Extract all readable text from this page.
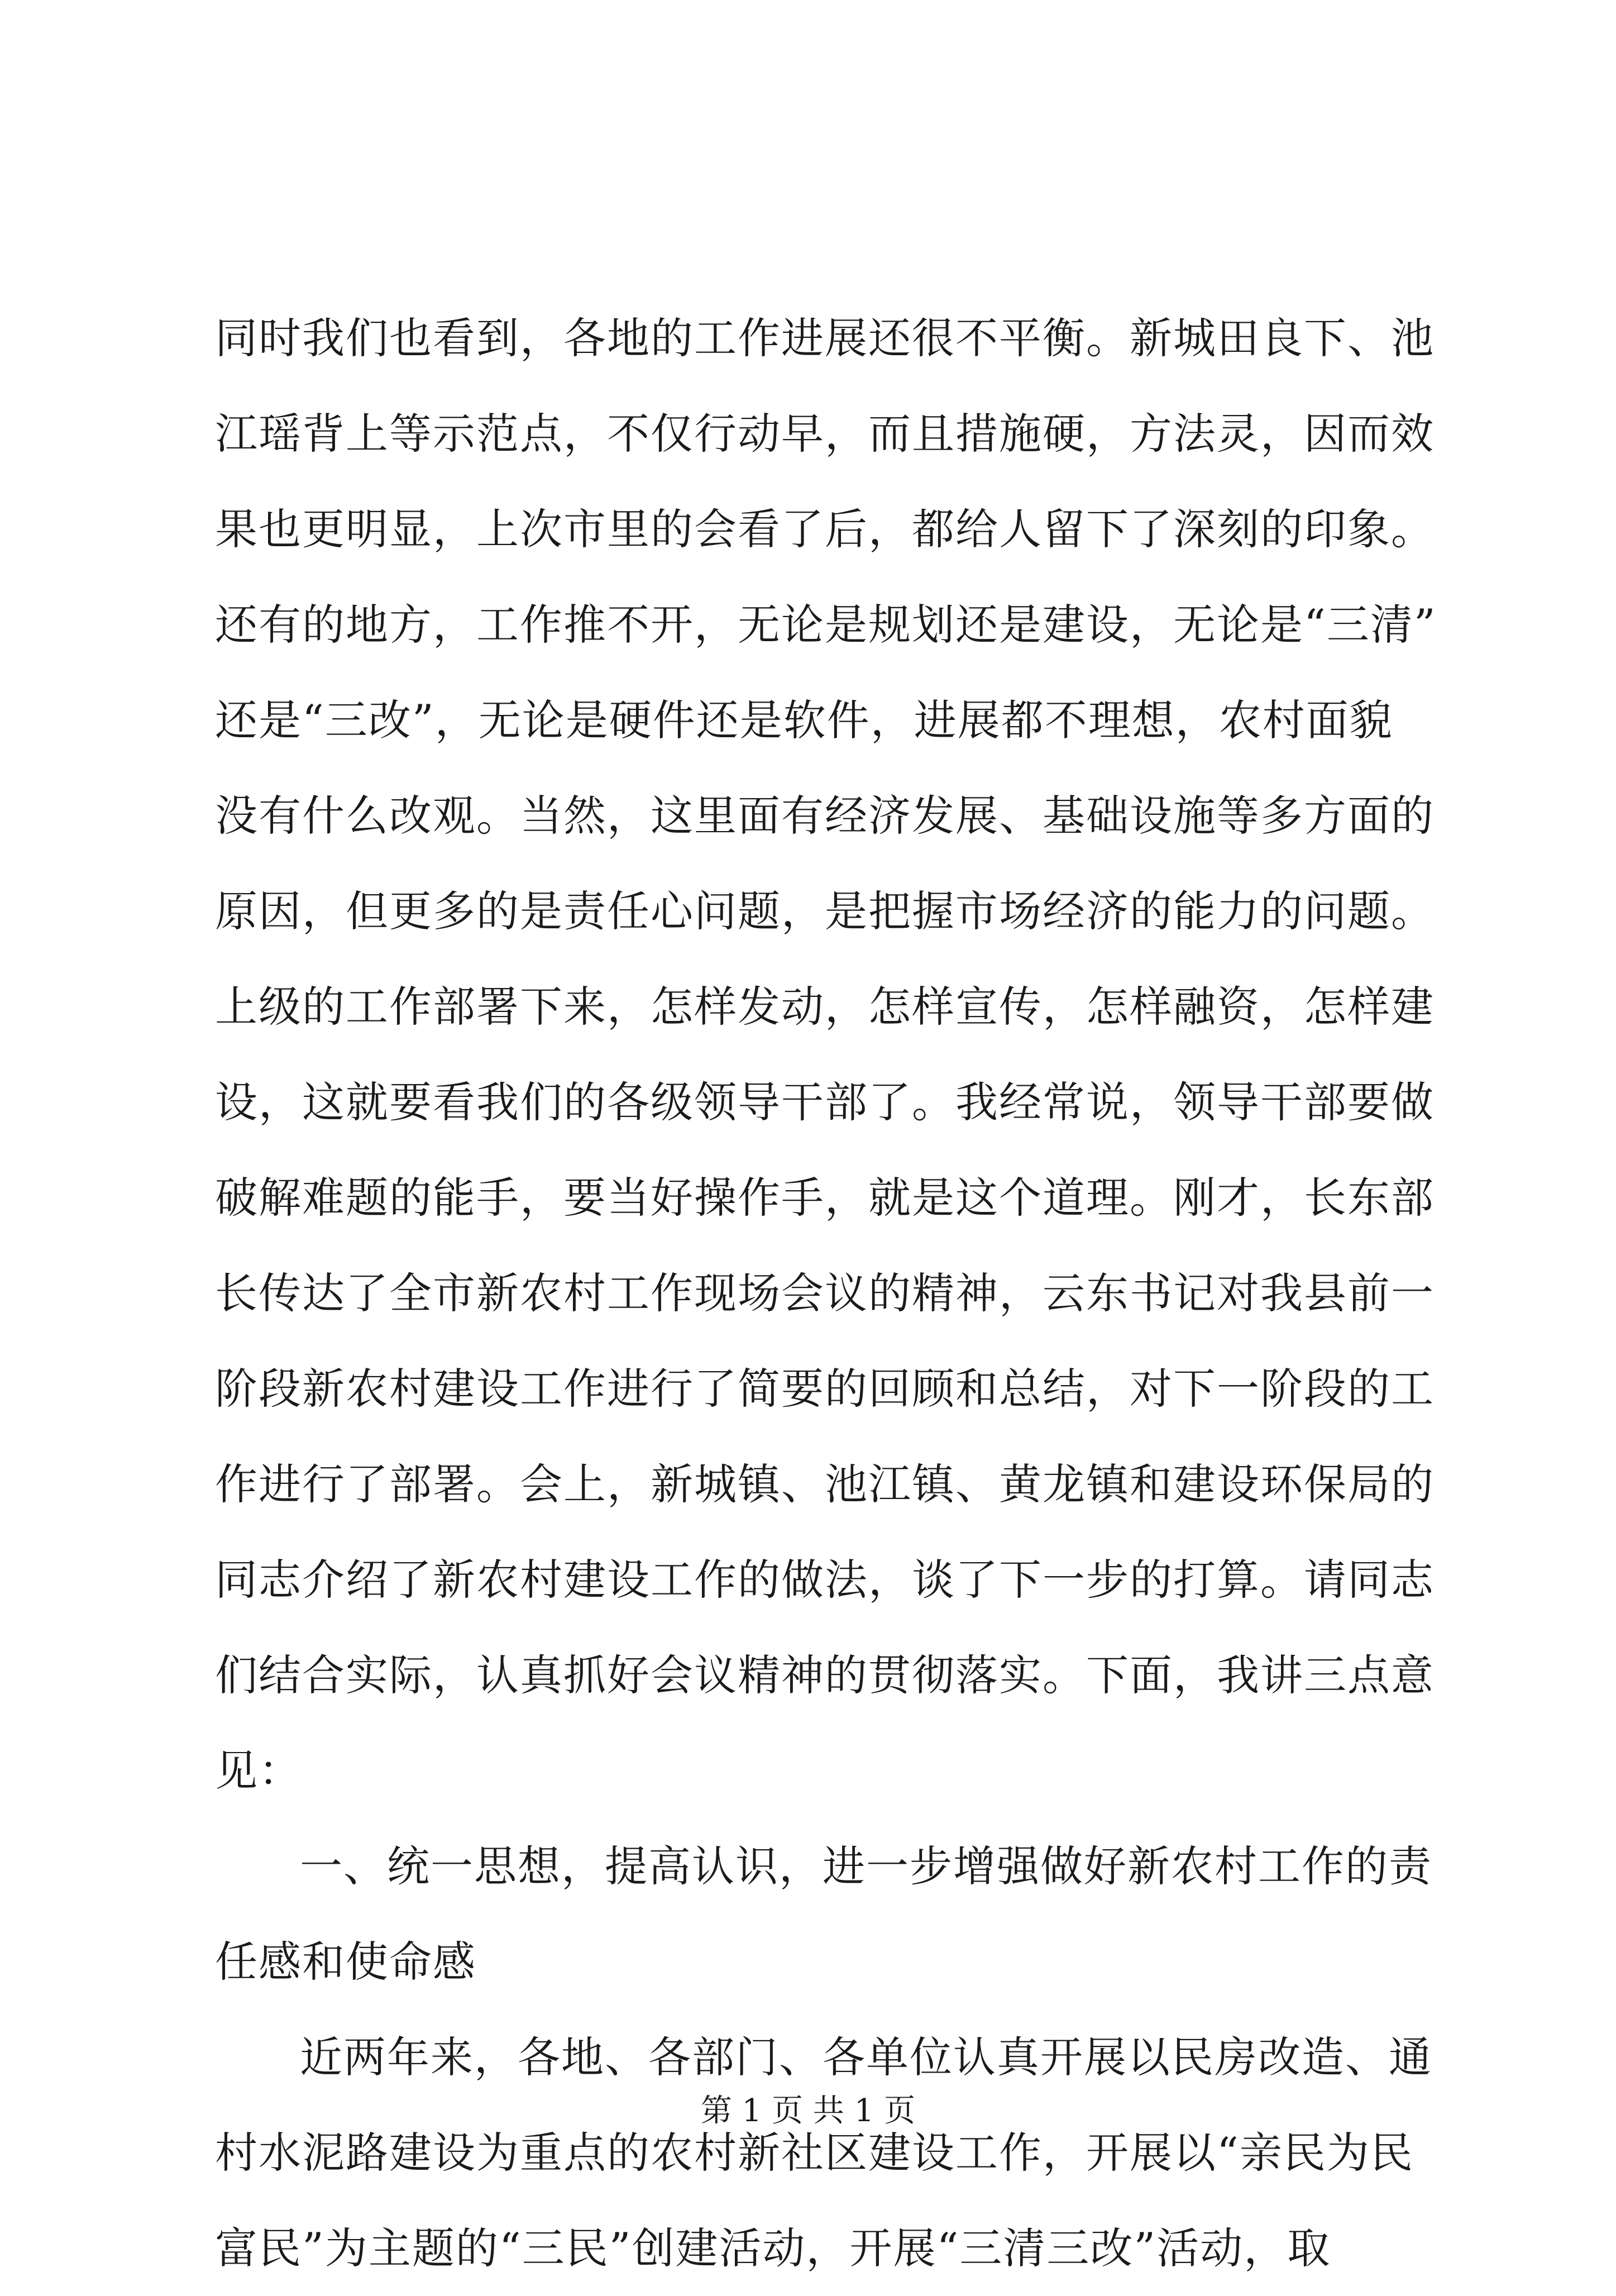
同时我们也看到，各地的工作进展还很不平衡。新城田良下、池
江瑶背上等示范点，不仅行动早，而且措施硬，方法灵，因而效
果也更明显，上次市里的会看了后，都给人留下了深刻的印象。
还有的地方，工作推不开，无论是规划还是建设，无论是“三清”
还是“三改”，无论是硬件还是软件，进展都不理想，农村面貌
没有什么改观。当然，这里面有经济发展、基础设施等多方面的
原因，但更多的是责任心问题，是把握市场经济的能力的问题。
上级的工作部署下来，怎样发动，怎样宣传，怎样融资，怎样建
设，这就要看我们的各级领导干部了。我经常说，领导干部要做
破解难题的能手，要当好操作手，就是这个道理。刚才，长东部
长传达了全市新农村工作现场会议的精神，云东书记对我县前一
阶段新农村建设工作进行了简要的回顾和总结，对下一阶段的工
作进行了部署。会上，新城镇、池江镇、黄龙镇和建设环保局的
同志介绍了新农村建设工作的做法，谈了下一步的打算。请同志
们结合实际，认真抓好会议精神的贯彻落实。下面，我讲三点意
见：
一、统一思想，提高认识，进一步增强做好新农村工作的责
任感和使命感
近两年来，各地、各部门、各单位认真开展以民房改造、通
村水泥路建设为重点的农村新社区建设工作，开展以“亲民为民
富民”为主题的“三民”创建活动，开展“三清三改”活动，取
第 1 页 共 1 页
